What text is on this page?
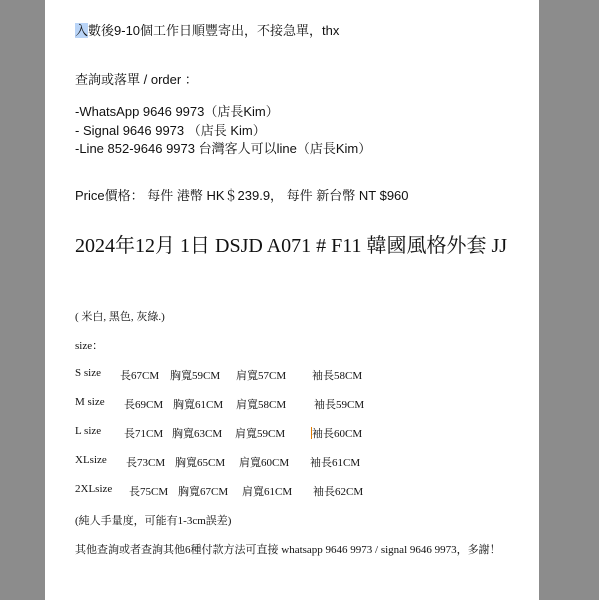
入數後9-10個工作日順豐寄出，不接急單，thx
查詢或落單 / order ：
-WhatsApp 9646 9973（店長Kim）
- Signal 9646 9973 （店長 Kim）
-Line 852-9646 9973 台灣客人可以line（店長Kim）
Price價格： 每件 港幣 HK＄239.9， 每件 新台幣 NT $960
2024年12月 1日 DSJD A071 # F11 韓國風格外套 JJ
( 米白, 黑色, 灰綠.)
size：
S size 長67CM 胸寬59CM 肩寬57CM 袖長58CM
M size 長69CM 胸寬61CM 肩寬58CM	袖長59CM
L size 長71CM 胸寬63CM 肩寬59CM 袖長60CM
XLsize 長73CM 胸寬65CM 肩寬60CM 袖長61CM
2XLsize 長75CM 胸寬67CM 肩寬61CM 袖長62CM
(純人手量度，可能有1-3cm誤差)
其他查詢或者查詢其他6種付款方法可直接 whatsapp 9646 9973 / signal 9646 9973，多謝！
